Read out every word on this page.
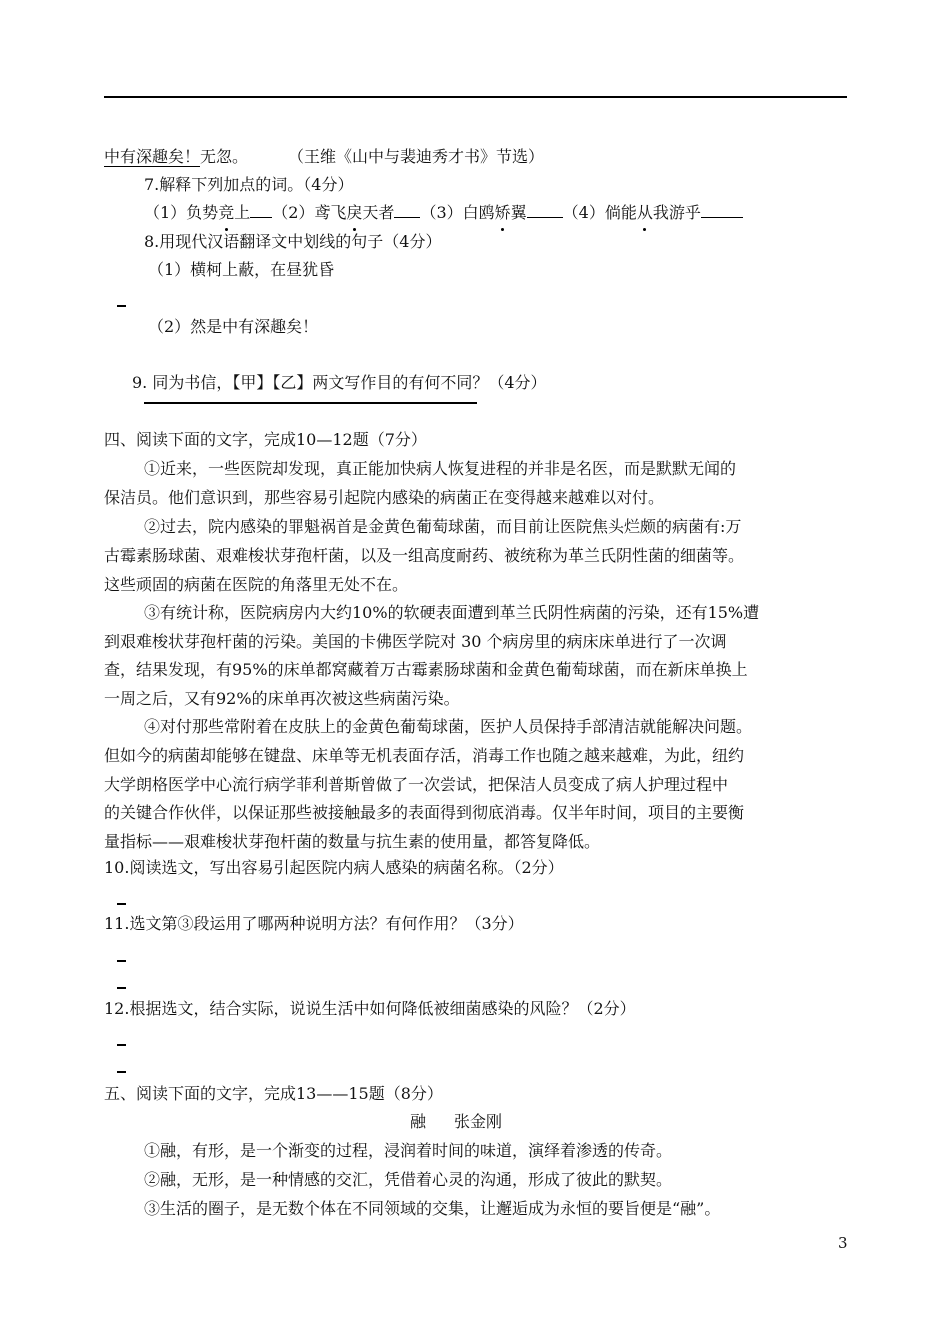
中有深趣矣！无忽。	（王维《山中与裴迪秀才书》节选）
7.解释下列加点的词。（4分）
（1）负势竞上 （2）鸢飞戾天者 （3）白鸥矫翼 （4）倘能从我游乎
8.用现代汉语翻译文中划线的句子（4分）
（1）横柯上蔽，在昼犹昏
（2）然是中有深趣矣！
9. 同为书信，【甲】【乙】两文写作目的有何不同？（4分）
四、阅读下面的文字，完成10—12题（7分）
①近来，一些医院却发现，真正能加快病人恢复进程的并非是名医，而是默默无闻的
保洁员。他们意识到，那些容易引起院内感染的病菌正在变得越来越难以对付。
②过去，院内感染的罪魁祸首是金黄色葡萄球菌，而目前让医院焦头烂颇的病菌有:万
古霉素肠球菌、艰难梭状芽孢杆菌，以及一组高度耐药、被统称为革兰氏阴性菌的细菌等。
这些顽固的病菌在医院的角落里无处不在。
③有统计称，医院病房内大约10%的软硬表面遭到革兰氏阴性病菌的污染，还有15%遭
到艰难梭状芽孢杆菌的污染。美国的卡佛医学院对 30 个病房里的病床床单进行了一次调
查，结果发现，有95%的床单都窝藏着万古霉素肠球菌和金黄色葡萄球菌，而在新床单换上
一周之后，又有92%的床单再次被这些病菌污染。
④对付那些常附着在皮肤上的金黄色葡萄球菌，医护人员保持手部清洁就能解决问题。
但如今的病菌却能够在键盘、床单等无机表面存活，消毒工作也随之越来越难，为此，纽约
大学朗格医学中心流行病学菲利普斯曾做了一次尝试，把保洁人员变成了病人护理过程中
的关键合作伙伴，以保证那些被接触最多的表面得到彻底消毒。仅半年时间，项目的主要衡
量指标——艰难梭状芽孢杆菌的数量与抗生素的使用量，都答复降低。
10.阅读选文，写出容易引起医院内病人感染的病菌名称。（2分）
11.选文第③段运用了哪两种说明方法？有何作用？（3分）
12.根据选文，结合实际，说说生活中如何降低被细菌感染的风险？（2分）
五、阅读下面的文字，完成13——15题（8分）
融 张金刚
①融，有形，是一个渐变的过程，浸润着时间的味道，演绎着渗透的传奇。
②融，无形，是一种情感的交汇，凭借着心灵的沟通，形成了彼此的默契。
③生活的圈子，是无数个体在不同领域的交集，让邂逅成为永恒的要旨便是“融”。
3
